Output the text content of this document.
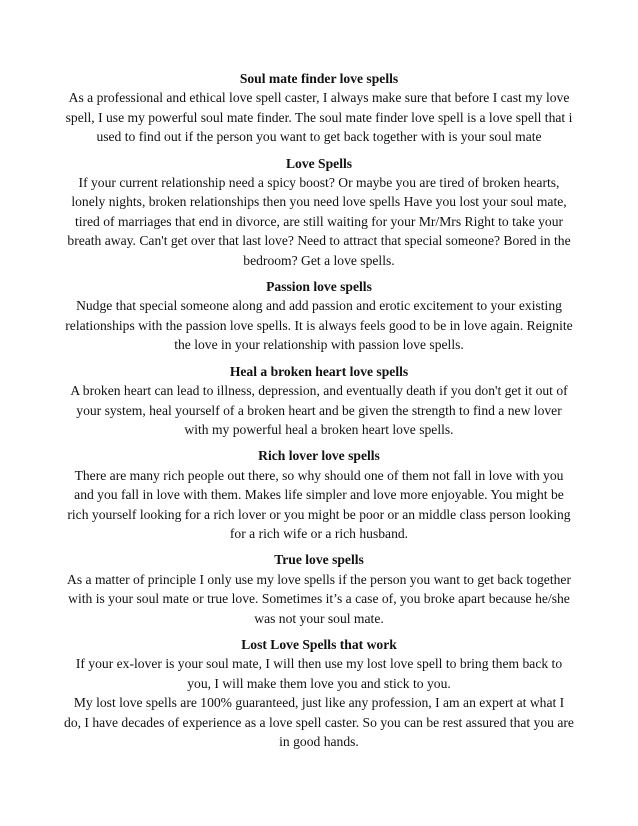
Soul mate finder love spells

As a professional and ethical love spell caster, I always make sure that before I cast my love spell, I use my powerful soul mate finder. The soul mate finder love spell is a love spell that i used to find out if the person you want to get back together with is your soul mate

Love Spells

If your current relationship need a spicy boost? Or maybe you are tired of broken hearts, lonely nights, broken relationships then you need love spells Have you lost your soul mate, tired of marriages that end in divorce, are still waiting for your Mr/Mrs Right to take your breath away. Can't get over that last love? Need to attract that special someone? Bored in the bedroom? Get a love spells.

Passion love spells

Nudge that special someone along and add passion and erotic excitement to your existing relationships with the passion love spells. It is always feels good to be in love again. Reignite the love in your relationship with passion love spells.

Heal a broken heart love spells

A broken heart can lead to illness, depression, and eventually death if you don't get it out of your system, heal yourself of a broken heart and be given the strength to find a new lover with my powerful heal a broken heart love spells.

Rich lover love spells

There are many rich people out there, so why should one of them not fall in love with you and you fall in love with them. Makes life simpler and love more enjoyable. You might be rich yourself looking for a rich lover or you might be poor or an middle class person looking for a rich wife or a rich husband.

True love spells

As a matter of principle I only use my love spells if the person you want to get back together with is your soul mate or true love. Sometimes it’s a case of, you broke apart because he/she was not your soul mate.

Lost Love Spells that work

If your ex-lover is your soul mate, I will then use my lost love spell to bring them back to you, I will make them love you and stick to you.

My lost love spells are 100% guaranteed, just like any profession, I am an expert at what I do, I have decades of experience as a love spell caster. So you can be rest assured that you are in good hands.
